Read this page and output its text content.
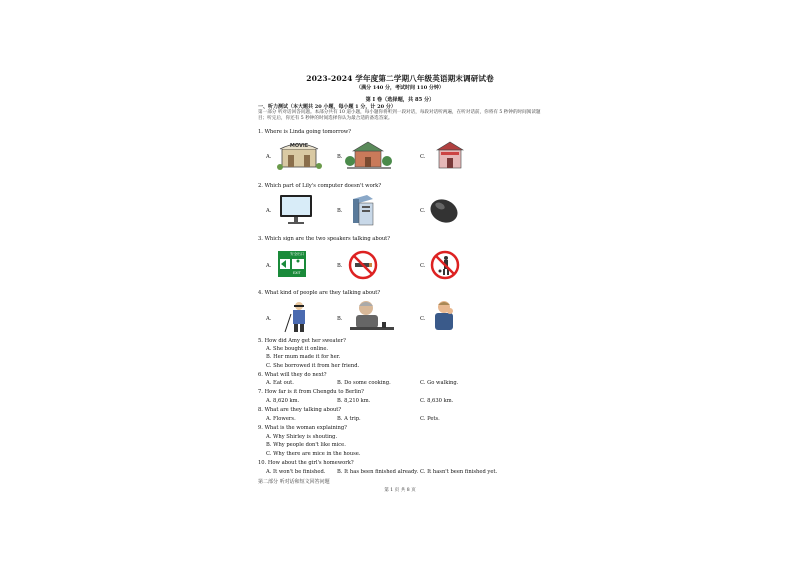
2023-2024 学年度第二学期八年级英语期末调研试卷
（满分 140 分，考试时间 110 分钟）
第 I 卷（选择题，共 85 分）
一、听力测试（本大题共 20 小题，每小题 1 分，计 20 分）
第一部分 听对话回答问题。本部分共有 10 道小题，每小题你将听到一段对话，每段对话听两遍，在听对话前，你将有 5 秒钟的时间阅读题目；听完后，你还有 5 秒钟的时间选择你认为最合适的备选答案。
1. Where is Linda going tomorrow?
A.
MOVIE
B.	C.
2. Which part of Lily's computer doesn't work?
A.	B.	C.
3. Which sign are the two speakers talking about?
A.
安全出口
EXIT
B.	C.
4. What kind of people are they talking about?
A.	B.	C.
5. How did Amy get her sweater?
A. She bought it online.
B. Her mum made it for her.
C. She borrowed it from her friend.
6. What will they do next?
A. Eat out.	B. Do some cooking.	C. Go walking.
7. How far is it from Chengdu to Berlin?
A. 8,620 km.	B. 8,210 km.	C. 8,630 km.
8. What are they talking about?
A. Flowers.	B. A trip.	C. Pets.
9. What is the woman explaining?
A. Why Shirley is shouting.
B. Why people don't like mice.
C. Why there are mice in the house.
10. How about the girl's homework?
A. It won't be finished. B. It has been finished already. C. It hasn't been finished yet.
第二部分 听对话和短文回答问题
第 1 页 共 8 页
